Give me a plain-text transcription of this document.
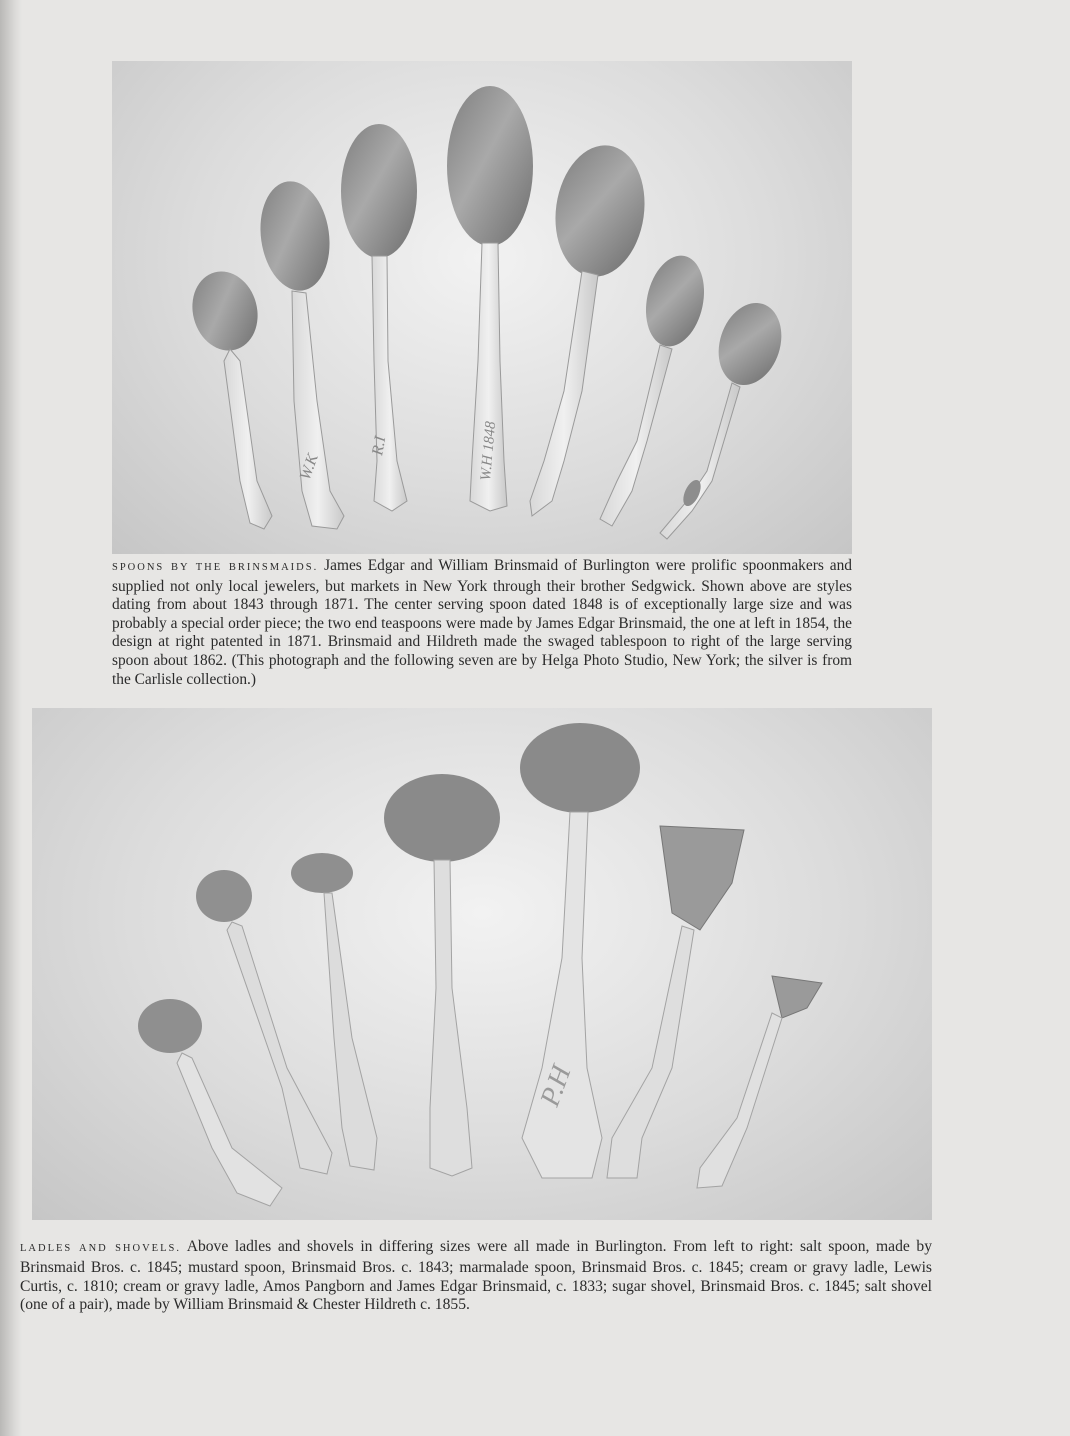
W.K
R.I	W.H 1848
SPOONS BY THE BRINSMAIDS. James Edgar and William Brinsmaid of Burlington were prolific spoonmakers and supplied not only local jewelers, but markets in New York through their brother Sedgwick. Shown above are styles dating from about 1843 through 1871. The center serving spoon dated 1848 is of exceptionally large size and was probably a special order piece; the two end teaspoons were made by James Edgar Brinsmaid, the one at left in 1854, the design at right patented in 1871. Brinsmaid and Hildreth made the swaged tablespoon to right of the large serving spoon about 1862. (This photograph and the following seven are by Helga Photo Studio, New York; the silver is from the Carlisle collection.)
P.H
LADLES AND SHOVELS. Above ladles and shovels in differing sizes were all made in Burlington. From left to right: salt spoon, made by Brinsmaid Bros. c. 1845; mustard spoon, Brinsmaid Bros. c. 1843; marmalade spoon, Brinsmaid Bros. c. 1845; cream or gravy ladle, Lewis Curtis, c. 1810; cream or gravy ladle, Amos Pangborn and James Edgar Brinsmaid, c. 1833; sugar shovel, Brinsmaid Bros. c. 1845; salt shovel (one of a pair), made by William Brinsmaid & Chester Hildreth c. 1855.
